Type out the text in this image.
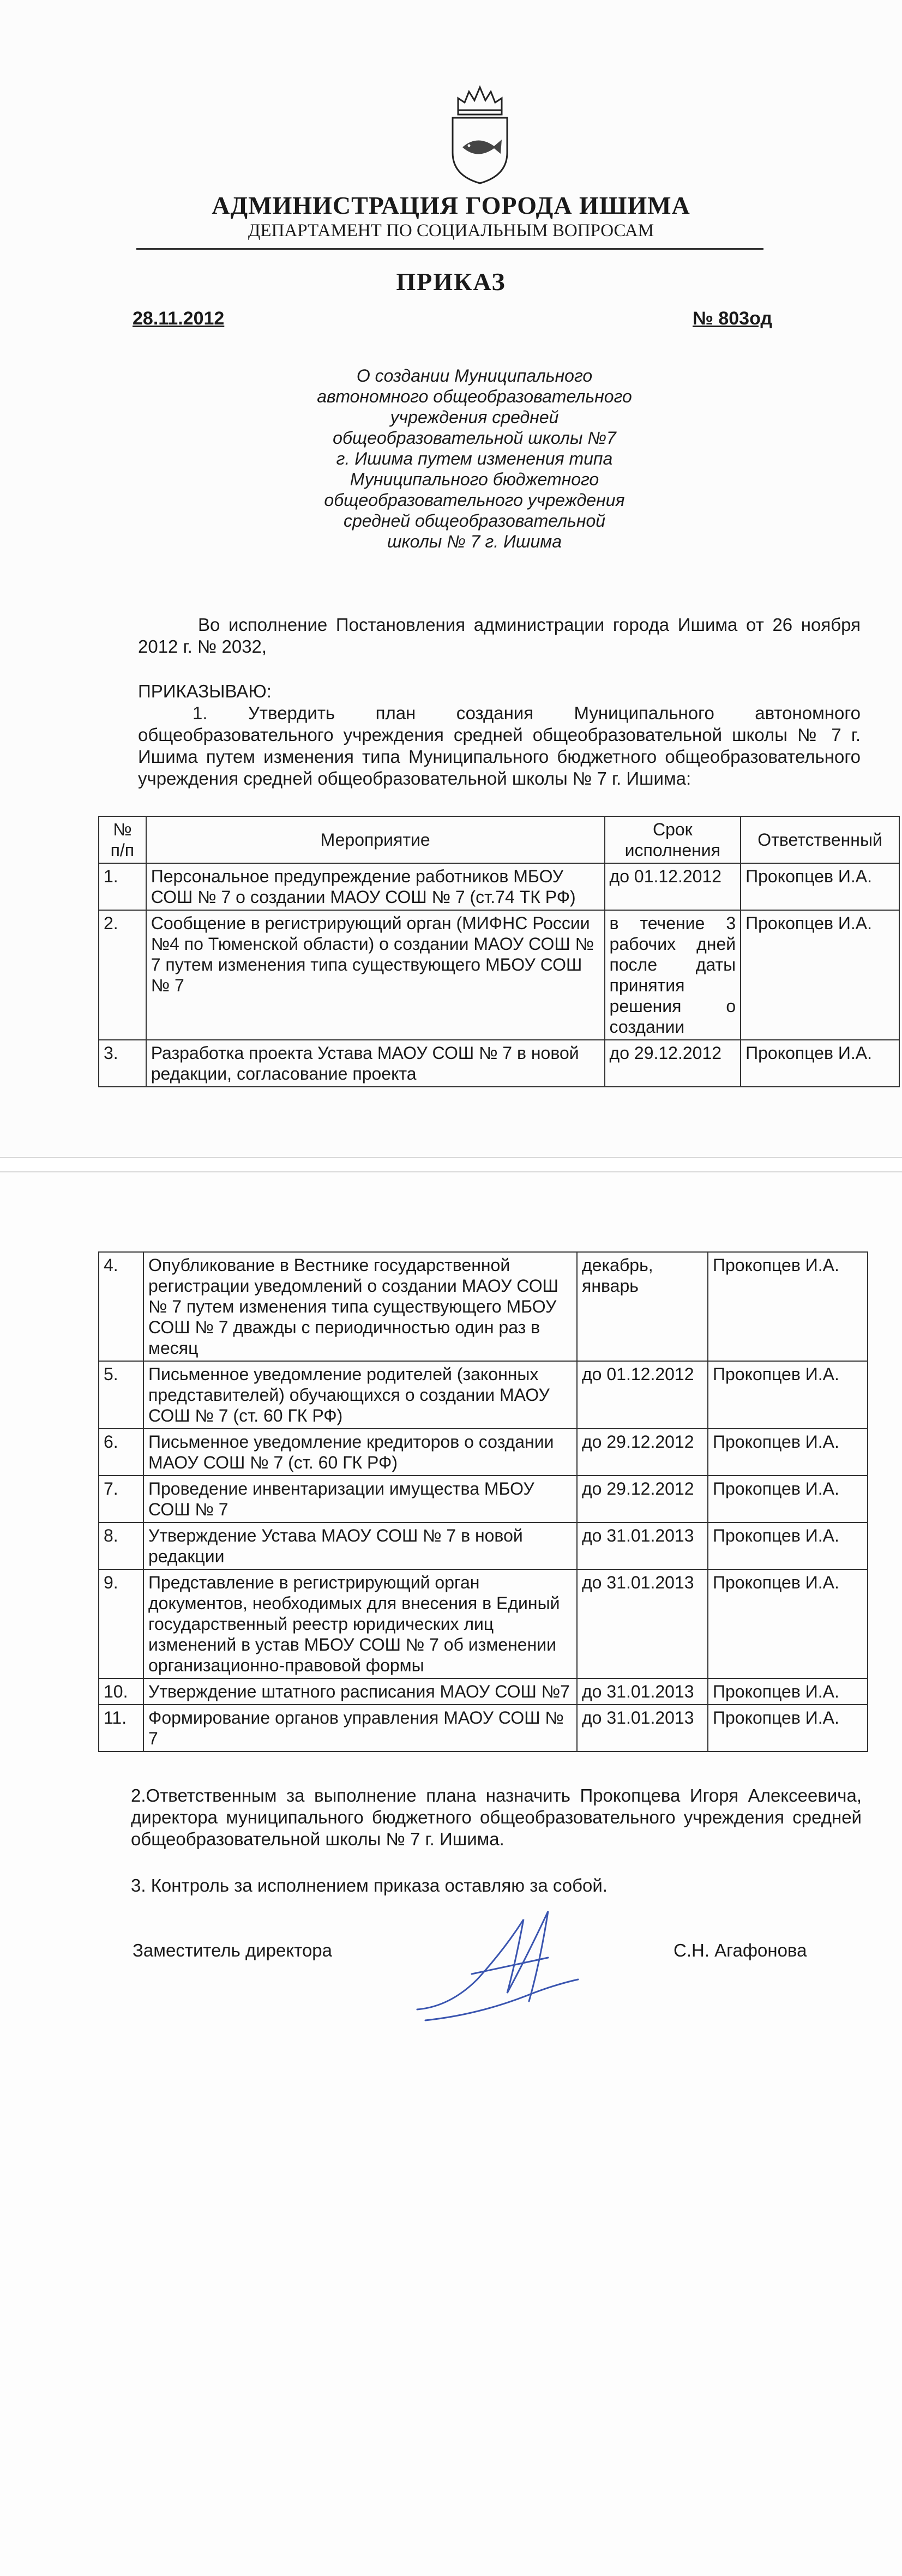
АДМИНИСТРАЦИЯ ГОРОДА ИШИМА
ДЕПАРТАМЕНТ ПО СОЦИАЛЬНЫМ ВОПРОСАМ
ПРИКАЗ
28.11.2012	№ 803од
О создании Муниципального
автономного общеобразовательного
учреждения средней
общеобразовательной школы №7
г. Ишима путем изменения типа
Муниципального бюджетного
общеобразовательного учреждения
средней общеобразовательной
школы № 7 г. Ишима
Во исполнение Постановления администрации города Ишима от 26 ноября 2012 г. № 2032,
ПРИКАЗЫВАЮ:
1. Утвердить план создания Муниципального автономного общеобразовательного учреждения средней общеобразовательной школы № 7 г. Ишима путем изменения типа Муниципального бюджетного общеобразовательного учреждения средней общеобразовательной школы № 7 г. Ишима:
№ п/п	Мероприятие	Срок исполнения	Ответственный
1.	Персональное предупреждение работников МБОУ СОШ № 7 о создании МАОУ СОШ № 7 (ст.74 ТК РФ)	до 01.12.2012	Прокопцев И.А.
2.	Сообщение в регистрирующий орган (МИФНС России №4 по Тюменской области) о создании МАОУ СОШ № 7 путем изменения типа существующего МБОУ СОШ № 7	в течение 3 рабочих дней после даты принятия решения о создании	Прокопцев И.А.
3.	Разработка проекта Устава МАОУ СОШ № 7 в новой редакции, согласование проекта	до 29.12.2012	Прокопцев И.А.
4.	Опубликование в Вестнике государственной регистрации уведомлений о создании МАОУ СОШ № 7 путем изменения типа существующего МБОУ СОШ № 7 дважды с периодичностью один раз в месяц	декабрь, январь	Прокопцев И.А.
5.	Письменное уведомление родителей (законных представителей) обучающихся о создании МАОУ СОШ № 7 (ст. 60 ГК РФ)	до 01.12.2012	Прокопцев И.А.
6.	Письменное уведомление кредиторов о создании МАОУ СОШ № 7 (ст. 60 ГК РФ)	до 29.12.2012	Прокопцев И.А.
7.	Проведение инвентаризации имущества МБОУ СОШ № 7	до 29.12.2012	Прокопцев И.А.
8.	Утверждение Устава МАОУ СОШ № 7 в новой редакции	до 31.01.2013	Прокопцев И.А.
9.	Представление в регистрирующий орган документов, необходимых для внесения в Единый государственный реестр юридических лиц изменений в устав МБОУ СОШ № 7 об изменении организационно-правовой формы	до 31.01.2013	Прокопцев И.А.
10.	Утверждение штатного расписания МАОУ СОШ №7	до 31.01.2013	Прокопцев И.А.
11.	Формирование органов управления МАОУ СОШ № 7	до 31.01.2013	Прокопцев И.А.
2.Ответственным за выполнение плана назначить Прокопцева Игоря Алексеевича, директора муниципального бюджетного общеобразовательного учреждения средней общеобразовательной школы № 7 г. Ишима.
3. Контроль за исполнением приказа оставляю за собой.
Заместитель директора	С.Н. Агафонова
